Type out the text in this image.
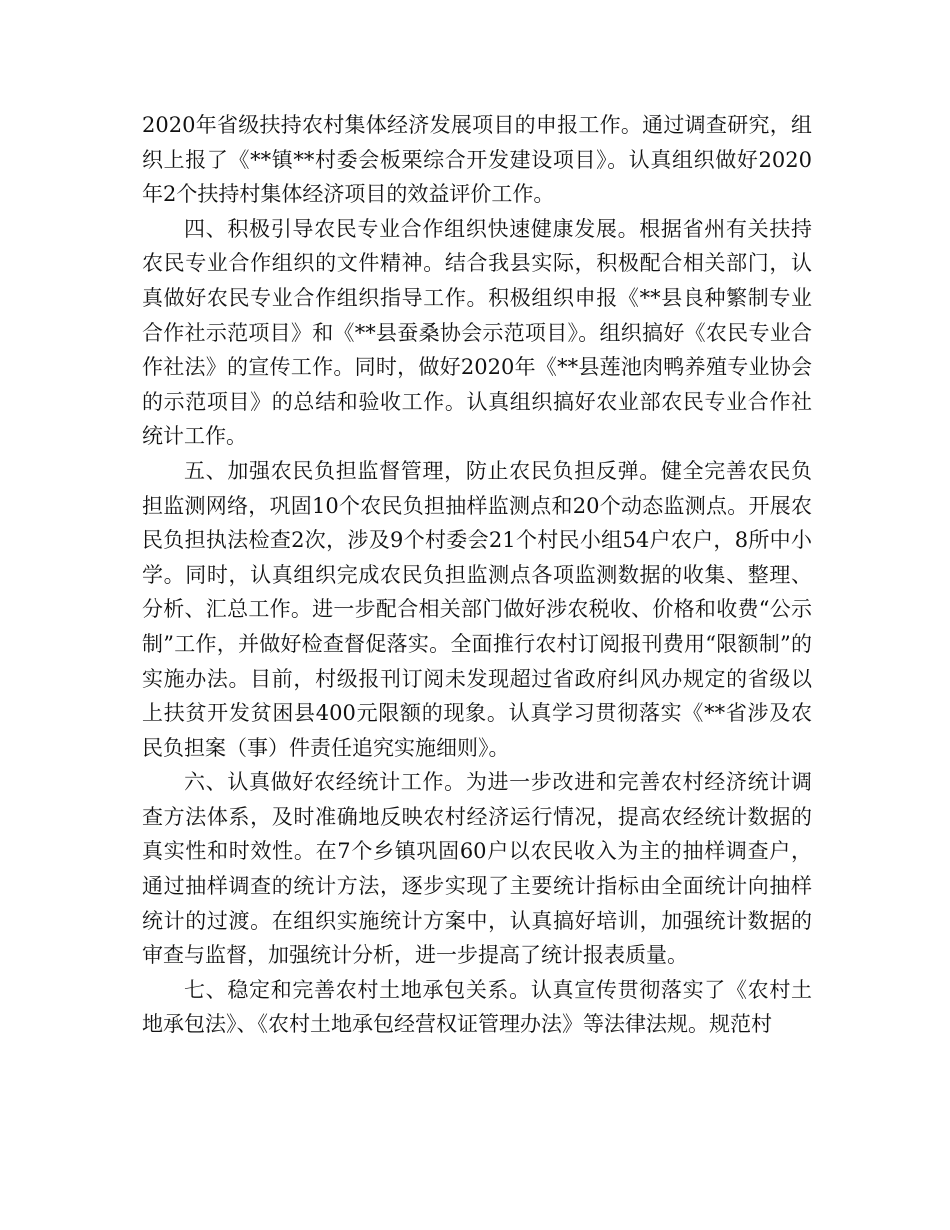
2020年省级扶持农村集体经济发展项目的申报工作。通过调查研究，组织上报了《**镇**村委会板栗综合开发建设项目》。认真组织做好2020年2个扶持村集体经济项目的效益评价工作。

四、积极引导农民专业合作组织快速健康发展。根据省州有关扶持农民专业合作组织的文件精神。结合我县实际，积极配合相关部门，认真做好农民专业合作组织指导工作。积极组织申报《**县良种繁制专业合作社示范项目》和《**县蚕桑协会示范项目》。组织搞好《农民专业合作社法》的宣传工作。同时，做好2020年《**县莲池肉鸭养殖专业协会的示范项目》的总结和验收工作。认真组织搞好农业部农民专业合作社统计工作。

五、加强农民负担监督管理，防止农民负担反弹。健全完善农民负担监测网络，巩固10个农民负担抽样监测点和20个动态监测点。开展农民负担执法检查2次，涉及9个村委会21个村民小组54户农户，8所中小学。同时，认真组织完成农民负担监测点各项监测数据的收集、整理、分析、汇总工作。进一步配合相关部门做好涉农税收、价格和收费“公示制”工作，并做好检查督促落实。全面推行农村订阅报刊费用“限额制”的实施办法。目前，村级报刊订阅未发现超过省政府纠风办规定的省级以上扶贫开发贫困县400元限额的现象。认真学习贯彻落实《**省涉及农民负担案（事）件责任追究实施细则》。

六、认真做好农经统计工作。为进一步改进和完善农村经济统计调查方法体系，及时准确地反映农村经济运行情况，提高农经统计数据的真实性和时效性。在7个乡镇巩固60户以农民收入为主的抽样调查户，通过抽样调查的统计方法，逐步实现了主要统计指标由全面统计向抽样统计的过渡。在组织实施统计方案中，认真搞好培训，加强统计数据的审查与监督，加强统计分析，进一步提高了统计报表质量。

七、稳定和完善农村土地承包关系。认真宣传贯彻落实了《农村土地承包法》、《农村土地承包经营权证管理办法》等法律法规。规范村
